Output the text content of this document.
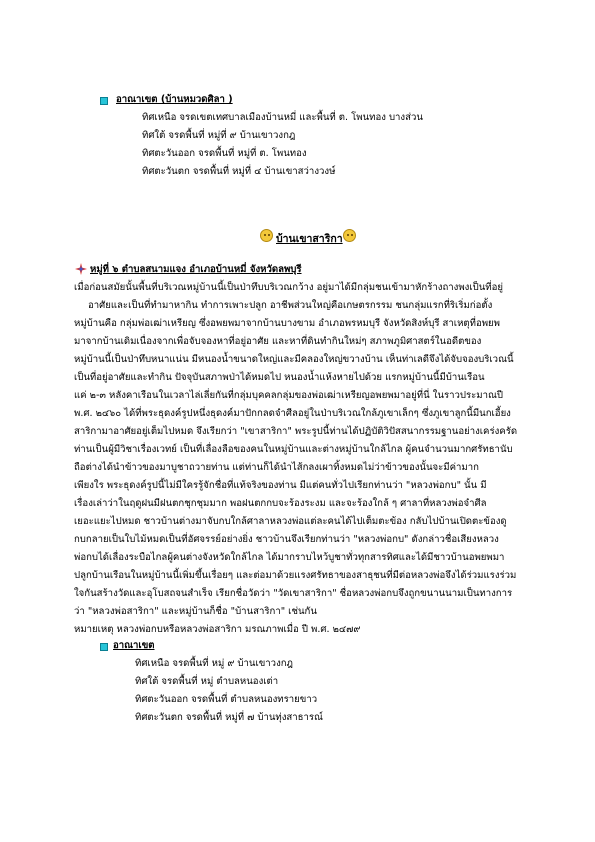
อาณาเขต (บ้านหมวดศิลา )
ทิศเหนือ จรดเขตเทศบาลเมืองบ้านหมี่ และพื้นที่ ต. โพนทอง บางส่วน
ทิศใต้ จรดพื้นที่ หมู่ที่ ๙ บ้านเขาวงกฎ
ทิศตะวันออก จรดพื้นที่ หมู่ที่ ต. โพนทอง
ทิศตะวันตก จรดพื้นที่ หมู่ที่ ๔ บ้านเขาสว่างวงษ์
บ้านเขาสาริกา
หมู่ที่ ๖ ตำบลสนามแจง อำเภอบ้านหมี่ จังหวัดลพบุรี
เมื่อก่อนสมัยนั้นพื้นที่บริเวณหมู่บ้านนี้เป็นป่าทึบบริเวณกว้าง อยู่มาได้มีกลุ่มชนเข้ามาหักร้างถางพงเป็นที่อยู่
อาศัยและเป็นที่ทำมาหากิน ทำการเพาะปลูก อาชีพส่วนใหญ่คือเกษตรกรรม ชนกลุ่มแรกที่ริเริ่มก่อตั้ง
หมู่บ้านคือ กลุ่มพ่อเฒ่าเหรียญ ซึ่งอพยพมาจากบ้านบางขาม อำเภอพรหมบุรี จังหวัดสิงห์บุรี สาเหตุที่อพยพ
มาจากบ้านเดิมเนื่องจากเพื่อจับจองหาที่อยู่อาศัย และหาที่ดินทำกินใหม่ๆ สภาพภูมิศาสตร์ในอดีตของ
หมู่บ้านนี้เป็นป่าทึบหนาแน่น มีหนองน้ำขนาดใหญ่และมีคลองใหญ่ขวางบ้าน เห็นท่าเลดีจึงได้จับจองบริเวณนี้
เป็นที่อยู่อาศัยและทำกิน ปัจจุบันสภาพป่าได้หมดไป หนองน้ำแห้งหายไปด้วย แรกหมู่บ้านนี้มีบ้านเรือน
แค่ ๒-๓ หลังคาเรือนในเวลาไล่เลี่ยกันที่กลุ่มบุคคลกลุ่มของพ่อเฒ่าเหรียญอพยพมาอยู่ที่นี่ ในราวประมาณปี
พ.ศ. ๒๔๖๐ ได้ที่พระธุดงค์รูปหนึ่งธุดงค์มาปักกลดจำศีลอยู่ในป่าบริเวณใกล้ภูเขาเล็กๆ ซึ่งภูเขาลูกนี้มีนกเอี้ยง
สาริกามาอาศัยอยู่เต็มไปหมด จึงเรียกว่า "เขาสาริกา" พระรูปนี้ท่านได้ปฏิบัติวิปัสสนากรรมฐานอย่างเคร่งครัด
ท่านเป็นผู้มีวิชาเรื่องเวทย์ เป็นที่เลื่องลือของคนในหมู่บ้านและต่างหมู่บ้านใกล้ไกล ผู้คนจำนวนมากศรัทธานับ
ถือต่างได้นำข้าวของมาบูชาถวายท่าน แต่ท่านก็ได้นำไส้กลงเผาทิ้งหมดไม่ว่าข้าวของนั้นจะมีค่ามาก
เพียงใร พระธุดงค์รูปนี้ไม่มีใครรู้จักชื่อที่แท้จริงของท่าน มีแต่คนทั่วไปเรียกท่านว่า "หลวงพ่อกบ" นั้น มี
เรื่องเล่าว่าในฤดูฝนมีฝนตกชุกชุมมาก พอฝนตกกบจะร้องระงม และจะร้องใกล้ ๆ ศาลาที่หลวงพ่อจำศีล
เยอะแยะไปหมด ชาวบ้านต่างมาจับกบใกล้ศาลาหลวงพ่อแต่ละคนได้ไปเต็มตะข้อง กลับไปบ้านเปิดตะข้องดู
กบกลายเป็นใบไม้หมดเป็นที่อัศจรรย์อย่างยิ่ง ชาวบ้านจึงเรียกท่านว่า "หลวงพ่อกบ" ดังกล่าวชื่อเสียงหลวง
พ่อกบได้เลื่องระบือไกลผู้คนต่างจังหวัดใกล้ไกล ได้มากราบไหว้บูชาทั่วทุกสารทิศและได้มีชาวบ้านอพยพมา
ปลูกบ้านเรือนในหมู่บ้านนี้เพิ่มขึ้นเรื่อยๆ และต่อมาด้วยแรงศรัทธาของสาธุชนที่มีต่อหลวงพ่อจึงได้ร่วมแรงร่วม
ใจกันสร้างวัดและอุโบสถจนสำเร็จ เรียกชื่อวัดว่า "วัดเขาสาริกา" ชื่อหลวงพ่อกบจึงถูกขนานนามเป็นทางการ
ว่า "หลวงพ่อสาริกา" และหมู่บ้านก็ชื่อ "บ้านสาริกา" เช่นกัน
หมายเหตุ หลวงพ่อกบหรือหลวงพ่อสาริกา มรณภาพเมื่อ ปี พ.ศ. ๒๔๗๙
อาณาเขต
ทิศเหนือ จรดพื้นที่ หมู่ ๙ บ้านเขาวงกฎ
ทิศใต้ จรดพื้นที่ หมู่ ตำบลหนองเต่า
ทิศตะวันออก จรดพื้นที่ ตำบลหนองทรายขาว
ทิศตะวันตก จรดพื้นที่ หมู่ที่ ๗ บ้านทุ่งสาธารณ์
